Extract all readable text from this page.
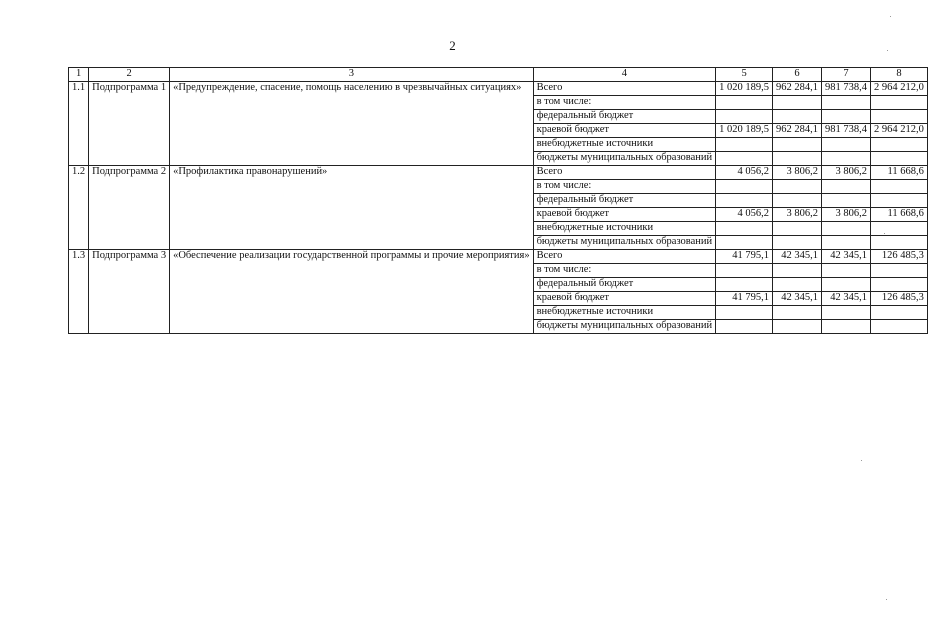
2
1	2	3	4	5	6	7	8
1.1	Подпрограмма 1	«Предупреждение, спасение, помощь населению в чрезвычайных ситуациях»	Всего	1 020 189,5	962 284,1	981 738,4	2 964 212,0
			в том числе:				
			федеральный бюджет				
			краевой бюджет	1 020 189,5	962 284,1	981 738,4	2 964 212,0
			внебюджетные источники				
			бюджеты муниципальных образований				
1.2	Подпрограмма 2	«Профилактика правонарушений»	Всего	4 056,2	3 806,2	3 806,2	11 668,6
			в том числе:				
			федеральный бюджет				
			краевой бюджет	4 056,2	3 806,2	3 806,2	11 668,6
			внебюджетные источники				
			бюджеты муниципальных образований				
1.3	Подпрограмма 3	«Обеспечение реализации государственной программы и прочие мероприятия»	Всего	41 795,1	42 345,1	42 345,1	126 485,3
			в том числе:				
			федеральный бюджет				
			краевой бюджет	41 795,1	42 345,1	42 345,1	126 485,3
			внебюджетные источники				
			бюджеты муниципальных образований				
